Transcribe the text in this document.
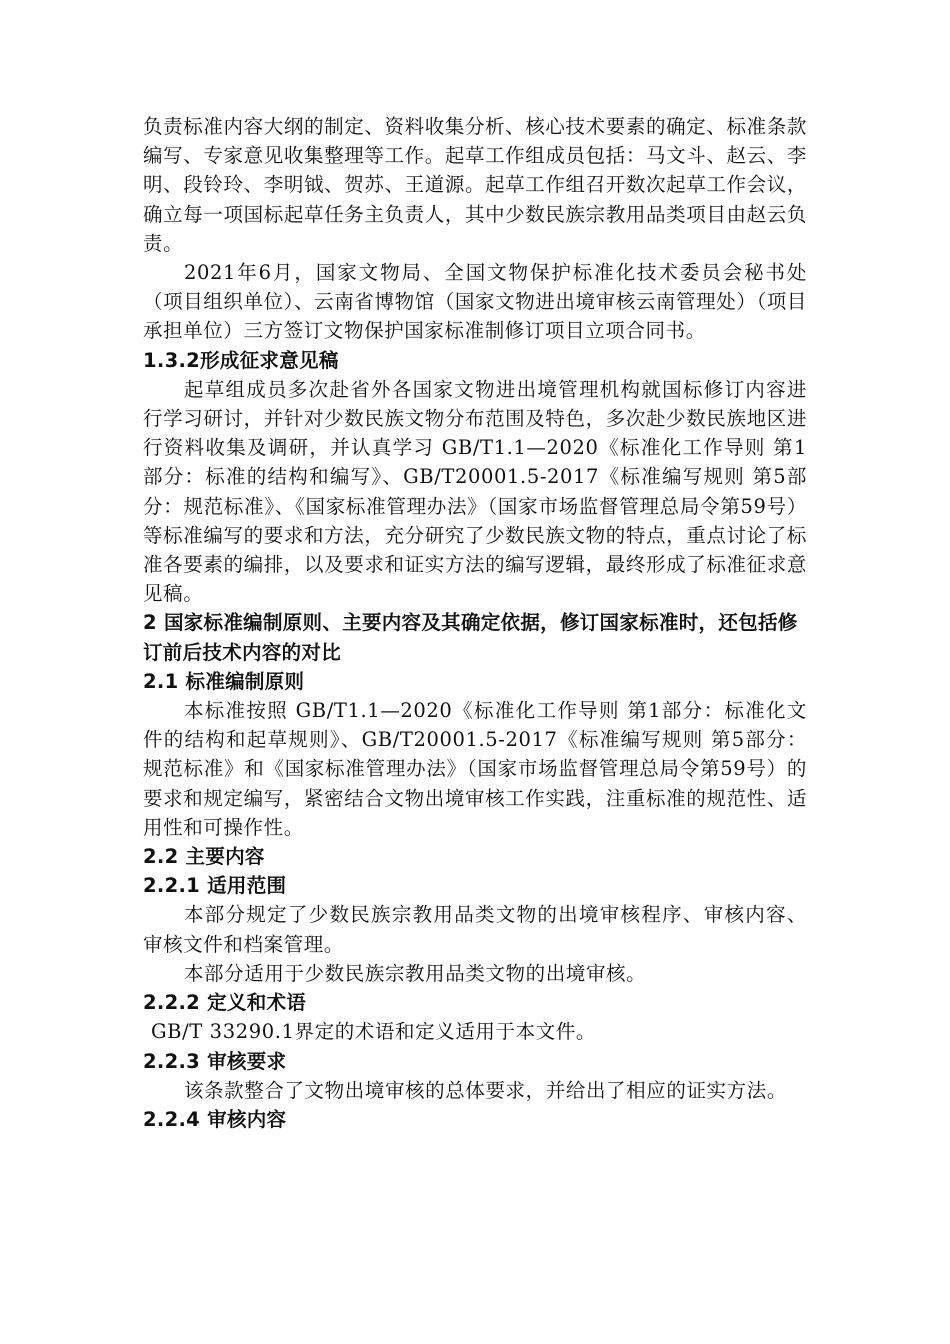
负责标准内容大纲的制定、资料收集分析、核心技术要素的确定、标准条款编写、专家意见收集整理等工作。起草工作组成员包括：马文斗、赵云、李明、段铃玲、李明钺、贺苏、王道源。起草工作组召开数次起草工作会议，确立每一项国标起草任务主负责人，其中少数民族宗教用品类项目由赵云负责。

2021年6月，国家文物局、全国文物保护标准化技术委员会秘书处（项目组织单位）、云南省博物馆（国家文物进出境审核云南管理处）（项目承担单位）三方签订文物保护国家标准制修订项目立项合同书。

1.3.2形成征求意见稿

起草组成员多次赴省外各国家文物进出境管理机构就国标修订内容进行学习研讨，并针对少数民族文物分布范围及特色，多次赴少数民族地区进行资料收集及调研，并认真学习 GB/T1.1—2020《标准化工作导则 第1部分：标准的结构和编写》、GB/T20001.5-2017《标准编写规则 第5部分：规范标准》、《国家标准管理办法》（国家市场监督管理总局令第59号）等标准编写的要求和方法，充分研究了少数民族文物的特点，重点讨论了标准各要素的编排，以及要求和证实方法的编写逻辑，最终形成了标准征求意见稿。

2 国家标准编制原则、主要内容及其确定依据，修订国家标准时，还包括修订前后技术内容的对比

2.1 标准编制原则

本标准按照 GB/T1.1—2020《标准化工作导则 第1部分：标准化文件的结构和起草规则》、GB/T20001.5-2017《标准编写规则 第5部分：规范标准》和《国家标准管理办法》（国家市场监督管理总局令第59号）的要求和规定编写，紧密结合文物出境审核工作实践，注重标准的规范性、适用性和可操作性。

2.2 主要内容

2.2.1 适用范围

本部分规定了少数民族宗教用品类文物的出境审核程序、审核内容、审核文件和档案管理。

本部分适用于少数民族宗教用品类文物的出境审核。

2.2.2 定义和术语

GB/T 33290.1界定的术语和定义适用于本文件。

2.2.3 审核要求

该条款整合了文物出境审核的总体要求，并给出了相应的证实方法。

2.2.4 审核内容
